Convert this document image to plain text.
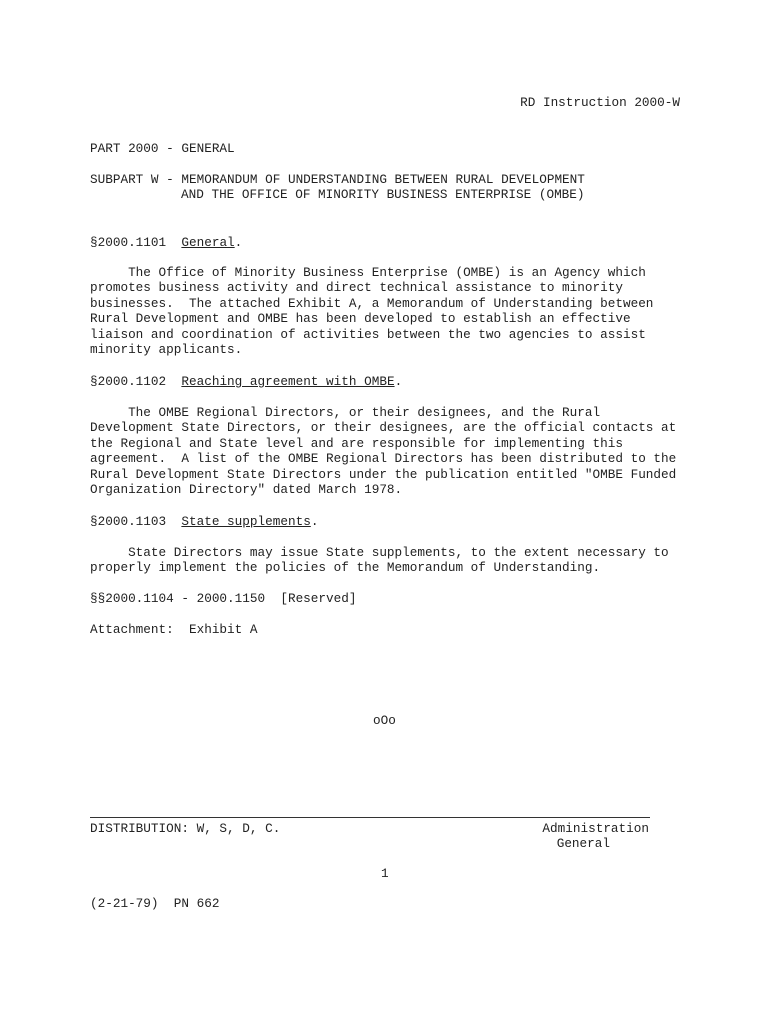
RD Instruction 2000-W
PART 2000 - GENERAL
SUBPART W - MEMORANDUM OF UNDERSTANDING BETWEEN RURAL DEVELOPMENT
AND THE OFFICE OF MINORITY BUSINESS ENTERPRISE (OMBE)
§2000.1101 General.
The Office of Minority Business Enterprise (OMBE) is an Agency which
promotes business activity and direct technical assistance to minority
businesses.  The attached Exhibit A, a Memorandum of Understanding between
Rural Development and OMBE has been developed to establish an effective
liaison and coordination of activities between the two agencies to assist
minority applicants.
§2000.1102 Reaching agreement with OMBE.
The OMBE Regional Directors, or their designees, and the Rural
Development State Directors, or their designees, are the official contacts at
the Regional and State level and are responsible for implementing this
agreement.  A list of the OMBE Regional Directors has been distributed to the
Rural Development State Directors under the publication entitled "OMBE Funded
Organization Directory" dated March 1978.
§2000.1103 State supplements.
State Directors may issue State supplements, to the extent necessary to
properly implement the policies of the Memorandum of Understanding.
§§2000.1104 - 2000.1150  [Reserved]
Attachment:  Exhibit A
oOo
DISTRIBUTION: W, S, D, C.	Administration
General
1
(2-21-79)  PN 662
